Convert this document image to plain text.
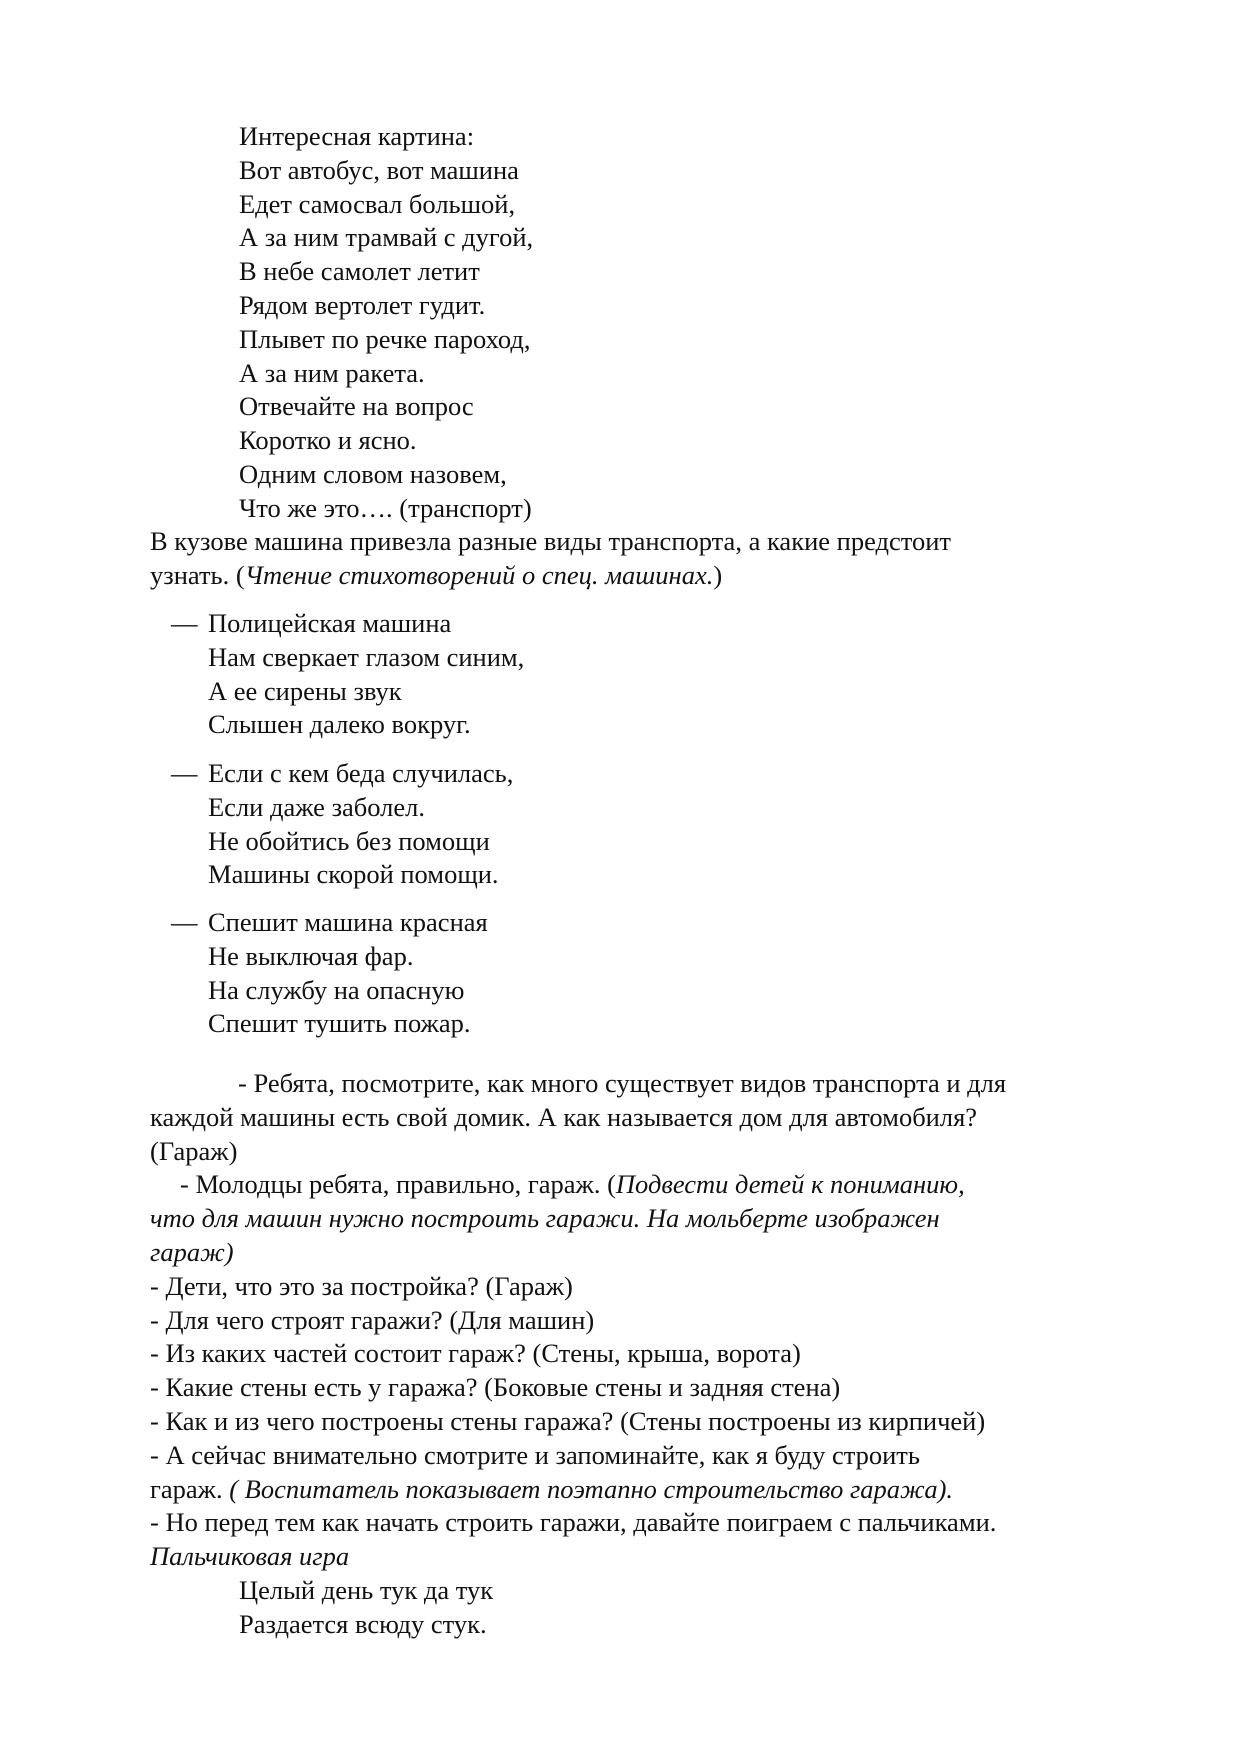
Интересная картина:
Вот автобус, вот машина
Едет самосвал большой,
А за ним трамвай с дугой,
В небе самолет летит
Рядом вертолет гудит.
Плывет по речке пароход,
А за ним ракета.
Отвечайте на вопрос
Коротко и ясно.
Одним словом назовем,
Что же это…. (транспорт)
В кузове машина привезла разные виды транспорта, а какие предстоит
узнать. (Чтение стихотворений о спец. машинах.)
— Полицейская машина
Нам сверкает глазом синим,
А ее сирены звук
Слышен далеко вокруг.
— Если с кем беда случилась,
Если даже заболел.
Не обойтись без помощи
Машины скорой помощи.
— Спешит машина красная
Не выключая фар.
На службу на опасную
Спешит тушить пожар.
- Ребята, посмотрите, как много существует видов транспорта и для
каждой машины есть свой домик. А как называется дом для автомобиля?
(Гараж)
- Молодцы ребята, правильно, гараж. (Подвести детей к пониманию,
что для машин нужно построить гаражи. На мольберте изображен
гараж)
- Дети, что это за постройка? (Гараж)
- Для чего строят гаражи? (Для машин)
- Из каких частей состоит гараж? (Стены, крыша, ворота)
- Какие стены есть у гаража? (Боковые стены и задняя стена)
- Как и из чего построены стены гаража? (Стены построены из кирпичей)
- А сейчас внимательно смотрите и запоминайте, как я буду строить
гараж. ( Воспитатель показывает поэтапно строительство гаража).
- Но перед тем как начать строить гаражи, давайте поиграем с пальчиками.
Пальчиковая игра
Целый день тук да тук
Раздается всюду стук.
